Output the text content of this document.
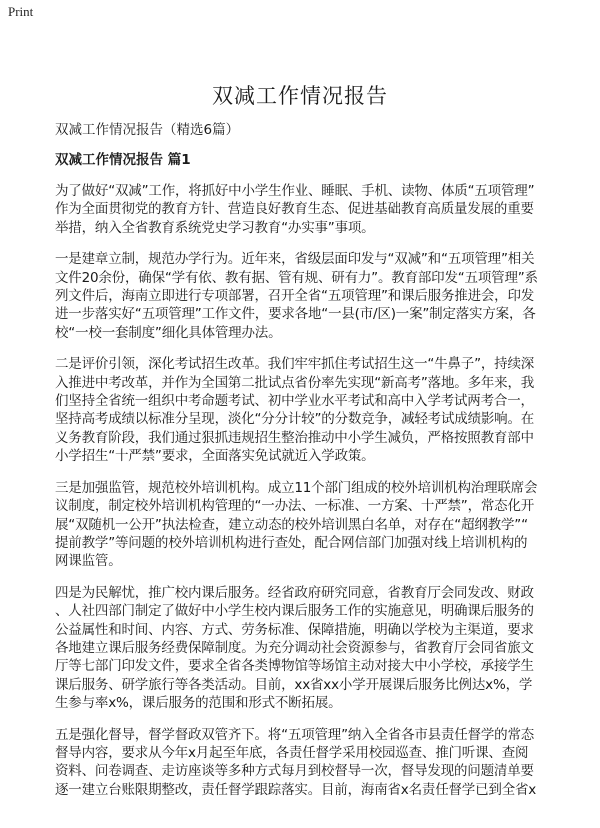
Print
双减工作情况报告
双减工作情况报告（精选6篇）
双减工作情况报告 篇1
为了做好“双减”工作，将抓好中小学生作业、睡眠、手机、读物、体质“五项管理”
作为全面贯彻党的教育方针、营造良好教育生态、促进基础教育高质量发展的重要
举措，纳入全省教育系统党史学习教育“办实事”事项。
一是建章立制，规范办学行为。近年来，省级层面印发与“双减”和“五项管理”相关
文件20余份，确保“学有依、教有据、管有规、研有力”。教育部印发“五项管理”系
列文件后，海南立即进行专项部署，召开全省“五项管理”和课后服务推进会，印发
进一步落实好“五项管理”工作文件，要求各地“一县(市/区)一案”制定落实方案，各
校“一校一套制度”细化具体管理办法。
二是评价引领，深化考试招生改革。我们牢牢抓住考试招生这一“牛鼻子”，持续深
入推进中考改革，并作为全国第二批试点省份率先实现“新高考”落地。多年来，我
们坚持全省统一组织中考命题考试、初中学业水平考试和高中入学考试两考合一，
坚持高考成绩以标准分呈现，淡化“分分计较”的分数竞争，减轻考试成绩影响。在
义务教育阶段，我们通过狠抓违规招生整治推动中小学生减负，严格按照教育部中
小学招生“十严禁”要求，全面落实免试就近入学政策。
三是加强监管，规范校外培训机构。成立11个部门组成的校外培训机构治理联席会
议制度，制定校外培训机构管理的“一办法、一标准、一方案、十严禁”，常态化开
展“双随机一公开”执法检查，建立动态的校外培训黑白名单，对存在“超纲教学”“
提前教学”等问题的校外培训机构进行查处，配合网信部门加强对线上培训机构的
网课监管。
四是为民解忧，推广校内课后服务。经省政府研究同意，省教育厅会同发改、财政
、人社四部门制定了做好中小学生校内课后服务工作的实施意见，明确课后服务的
公益属性和时间、内容、方式、劳务标准、保障措施，明确以学校为主渠道，要求
各地建立课后服务经费保障制度。为充分调动社会资源参与，省教育厅会同省旅文
厅等七部门印发文件，要求全省各类博物馆等场馆主动对接大中小学校，承接学生
课后服务、研学旅行等各类活动。目前，xx省xx小学开展课后服务比例达x%，学
生参与率x%，课后服务的范围和形式不断拓展。
五是强化督导，督学督政双管齐下。将“五项管理”纳入全省各市县责任督学的常态
督导内容，要求从今年x月起至年底，各责任督学采用校园巡查、推门听课、查阅
资料、问卷调查、走访座谈等多种方式每月到校督导一次，督导发现的问题清单要
逐一建立台账限期整改，责任督学跟踪落实。目前，海南省x名责任督学已到全省x
